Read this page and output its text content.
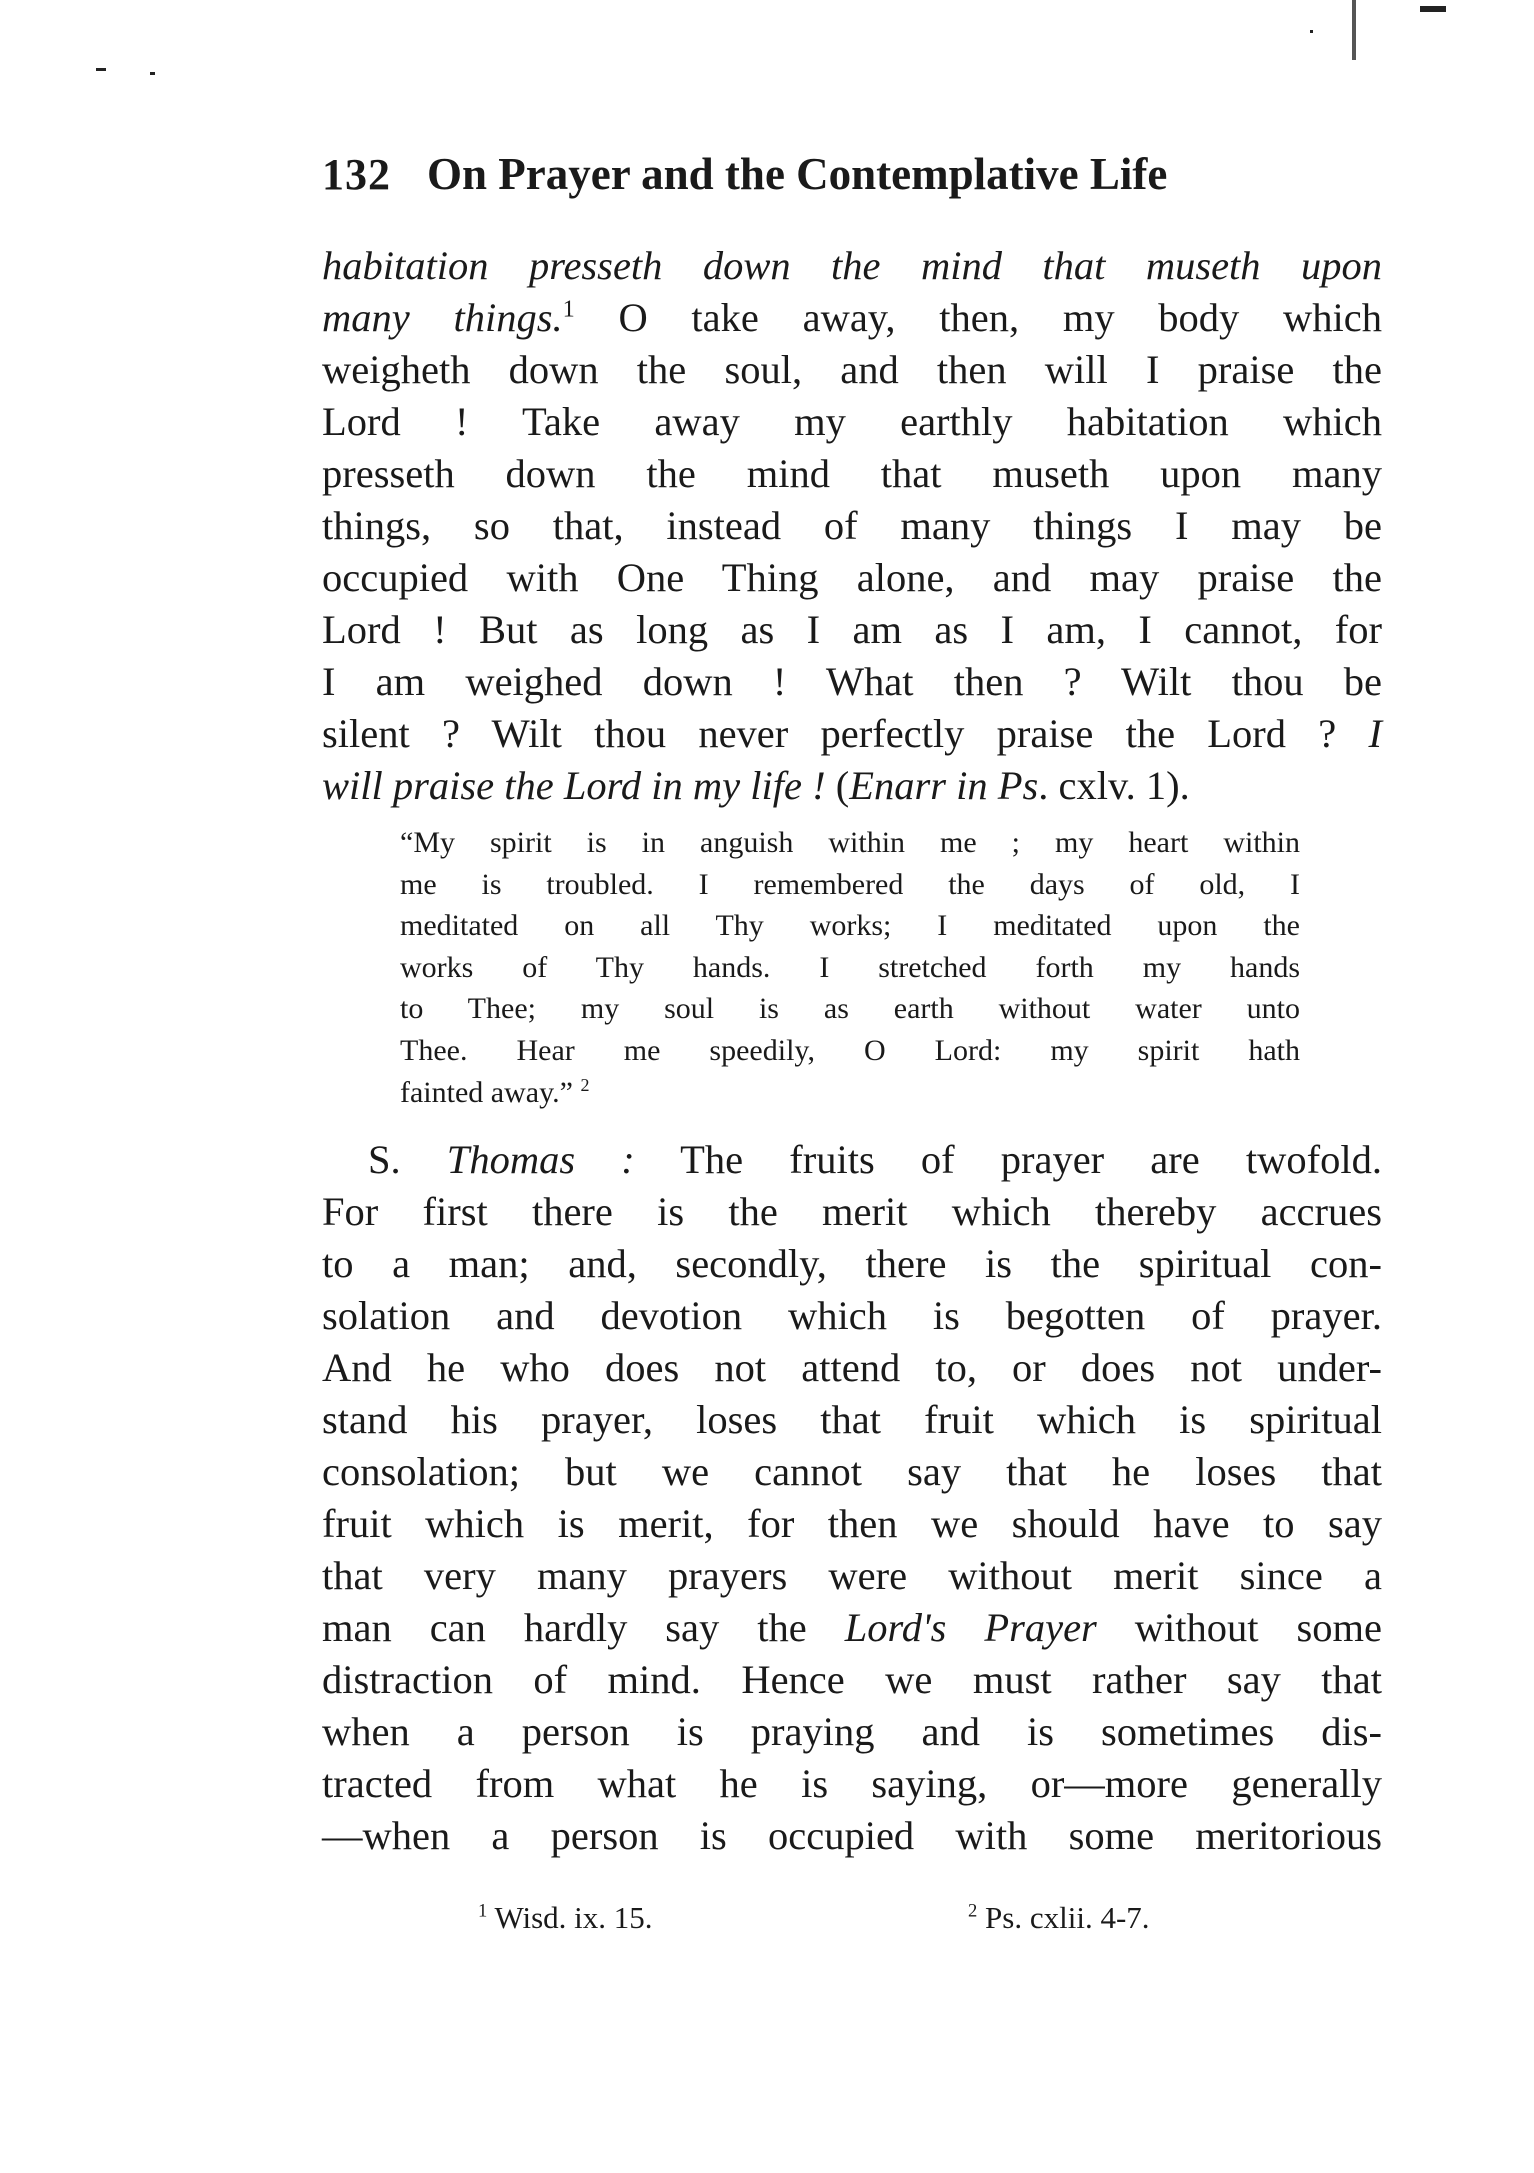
132 On Prayer and the Contemplative Life
habitation presseth down the mind that museth upon
many things.$^1$ O take away, then, my body which
weigheth down the soul, and then will I praise the
Lord ! Take away my earthly habitation which
presseth down the mind that museth upon many
things, so that, instead of many things I may be
occupied with One Thing alone, and may praise the
Lord ! But as long as I am as I am, I cannot, for
I am weighed down ! What then ? Wilt thou be
silent ? Wilt thou never perfectly praise the Lord ? I
will praise the Lord in my life ! (Enarr in Ps. cxlv. 1).
“My spirit is in anguish within me ; my heart within
me is troubled. I remembered the days of old, I
meditated on all Thy works; I meditated upon the
works of Thy hands. I stretched forth my hands
to Thee; my soul is as earth without water unto
Thee. Hear me speedily, O Lord: my spirit hath
fainted away.” $^2$
S. Thomas : The fruits of prayer are twofold.
For first there is the merit which thereby accrues
to a man; and, secondly, there is the spiritual con-
solation and devotion which is begotten of prayer.
And he who does not attend to, or does not under-
stand his prayer, loses that fruit which is spiritual
consolation; but we cannot say that he loses that
fruit which is merit, for then we should have to say
that very many prayers were without merit since a
man can hardly say the Lord's Prayer without some
distraction of mind. Hence we must rather say that
when a person is praying and is sometimes dis-
tracted from what he is saying, or—more generally
—when a person is occupied with some meritorious
$^1$ Wisd. ix. 15.	$^2$ Ps. cxlii. 4-7.
